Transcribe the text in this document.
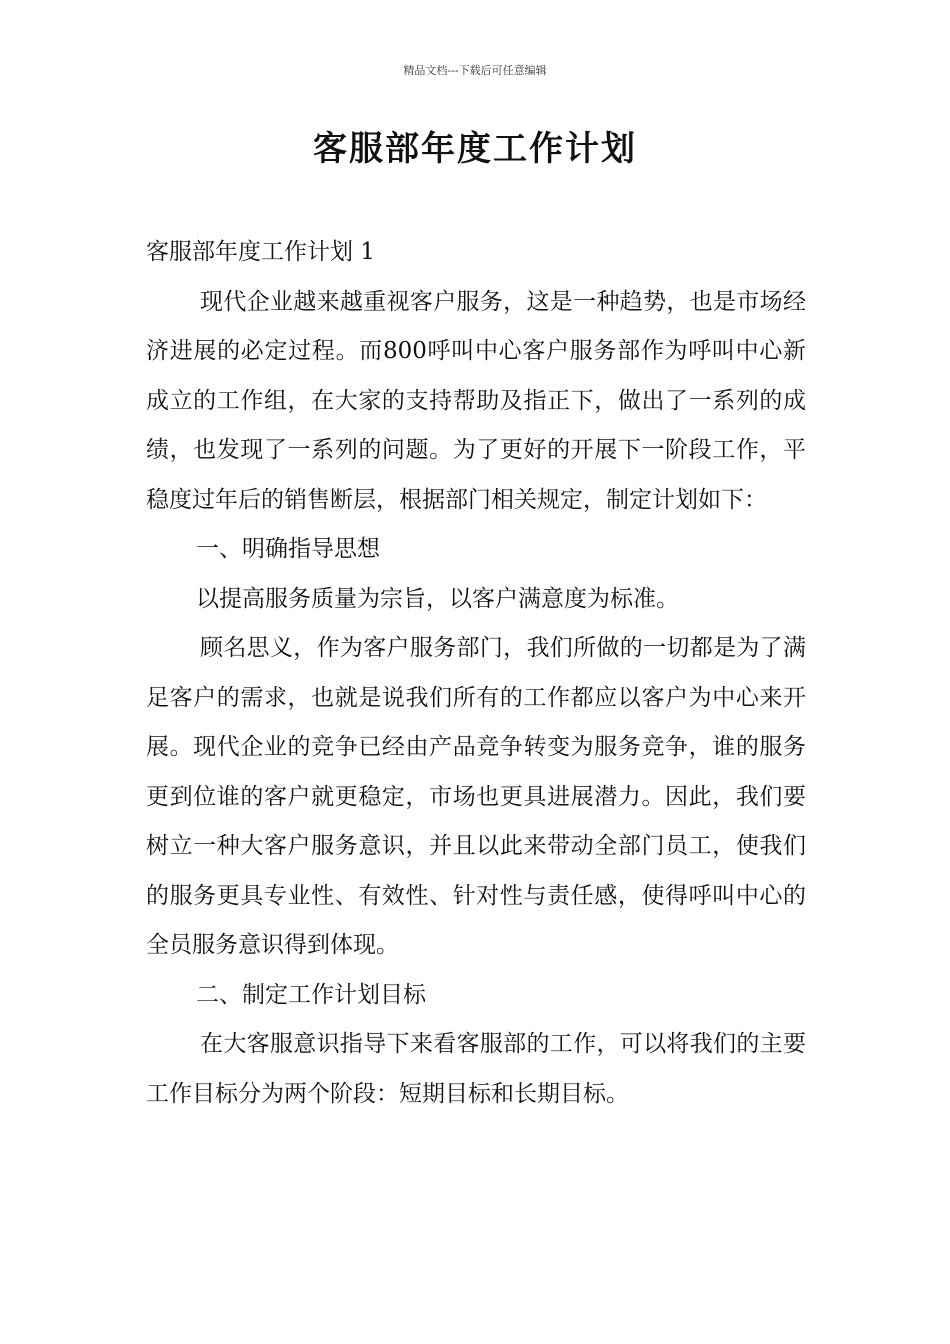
精品文档---下载后可任意编辑
客服部年度工作计划

客服部年度工作计划 1

现代企业越来越重视客户服务，这是一种趋势，也是市场经济进展的必定过程。而800呼叫中心客户服务部作为呼叫中心新成立的工作组，在大家的支持帮助及指正下，做出了一系列的成绩，也发现了一系列的问题。为了更好的开展下一阶段工作，平稳度过年后的销售断层，根据部门相关规定，制定计划如下：

一、明确指导思想

以提高服务质量为宗旨，以客户满意度为标准。

顾名思义，作为客户服务部门，我们所做的一切都是为了满足客户的需求，也就是说我们所有的工作都应以客户为中心来开展。现代企业的竞争已经由产品竞争转变为服务竞争，谁的服务更到位谁的客户就更稳定，市场也更具进展潜力。因此，我们要树立一种大客户服务意识，并且以此来带动全部门员工，使我们的服务更具专业性、有效性、针对性与责任感，使得呼叫中心的全员服务意识得到体现。

二、制定工作计划目标

在大客服意识指导下来看客服部的工作，可以将我们的主要工作目标分为两个阶段：短期目标和长期目标。
